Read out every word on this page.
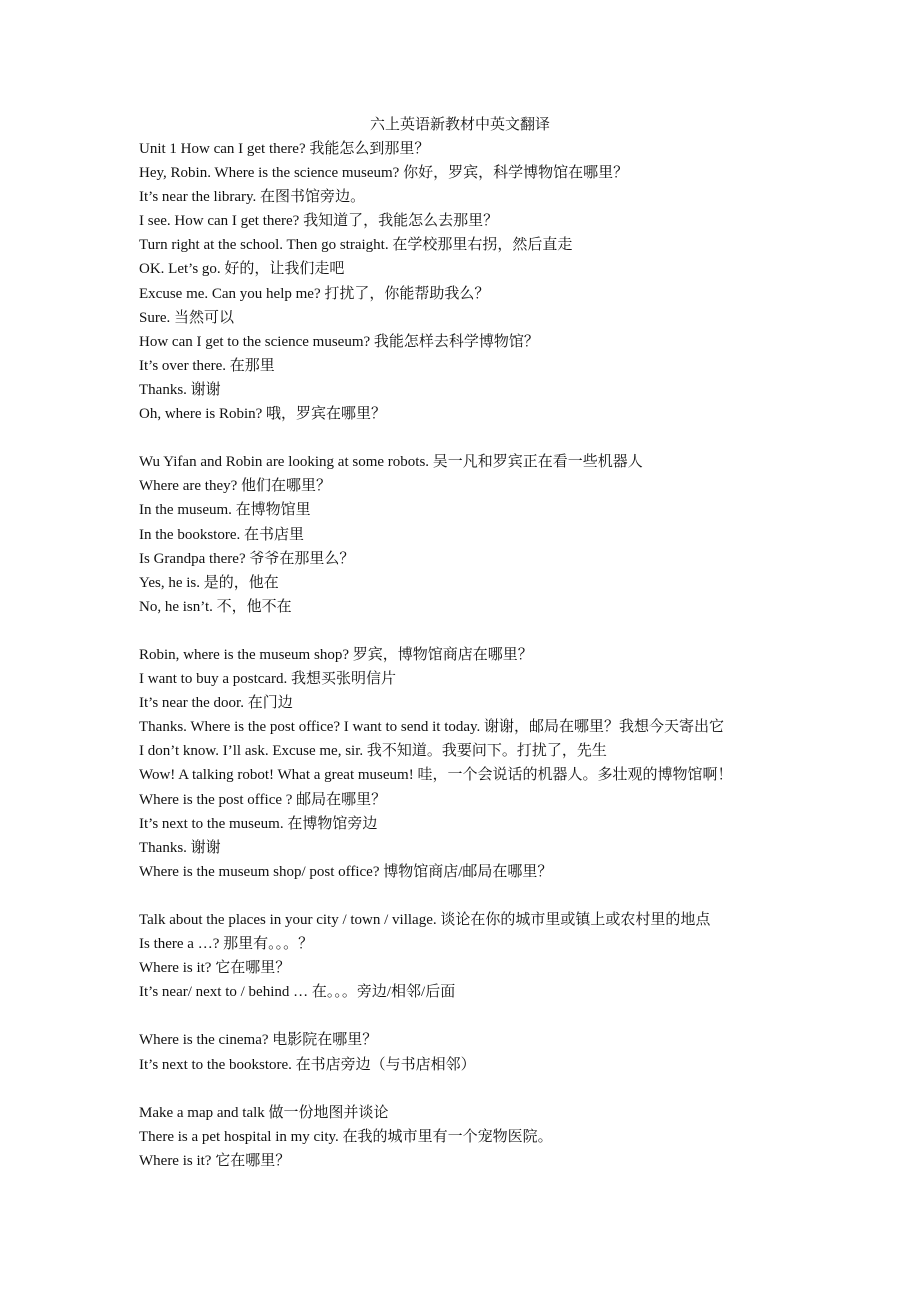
六上英语新教材中英文翻译
Unit 1 How can I get there? 我能怎么到那里？
Hey, Robin. Where is the science museum? 你好，罗宾，科学博物馆在哪里？
It’s near the library. 在图书馆旁边。
I see. How can I get there? 我知道了，我能怎么去那里？
Turn right at the school. Then go straight. 在学校那里右拐，然后直走
OK. Let’s go. 好的，让我们走吧
Excuse me. Can you help me? 打扰了，你能帮助我么？
Sure. 当然可以
How can I get to the science museum? 我能怎样去科学博物馆？
It’s over there. 在那里
Thanks. 谢谢
Oh, where is Robin? 哦，罗宾在哪里？
Wu Yifan and Robin are looking at some robots. 吴一凡和罗宾正在看一些机器人
Where are they? 他们在哪里？
In the museum. 在博物馆里
In the bookstore. 在书店里
Is Grandpa there? 爷爷在那里么？
Yes, he is. 是的，他在
No, he isn’t. 不，他不在
Robin, where is the museum shop? 罗宾，博物馆商店在哪里？
I want to buy a postcard. 我想买张明信片
It’s near the door. 在门边
Thanks. Where is the post office? I want to send it today. 谢谢，邮局在哪里？我想今天寄出它
I don’t know. I’ll ask. Excuse me, sir. 我不知道。我要问下。打扰了，先生
Wow! A talking robot! What a great museum! 哇，一个会说话的机器人。多壮观的博物馆啊！
Where is the post office ? 邮局在哪里？
It’s next to the museum. 在博物馆旁边
Thanks. 谢谢
Where is the museum shop/ post office? 博物馆商店/邮局在哪里？
Talk about the places in your city / town / village. 谈论在你的城市里或镇上或农村里的地点
Is there a …? 那里有。。。？
Where is it? 它在哪里？
It’s near/ next to / behind … 在。。。旁边/相邻/后面
Where is the cinema? 电影院在哪里？
It’s next to the bookstore. 在书店旁边（与书店相邻）
Make a map and talk 做一份地图并谈论
There is a pet hospital in my city. 在我的城市里有一个宠物医院。
Where is it? 它在哪里？
